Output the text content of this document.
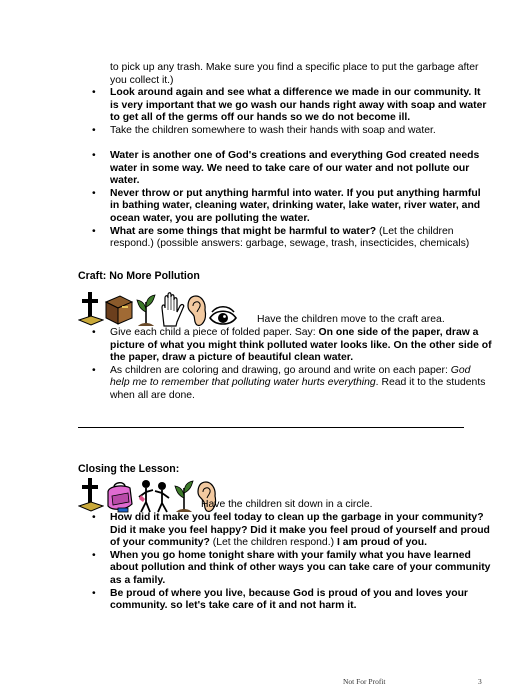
to pick up any trash. Make sure you find a specific place to put the garbage after you collect it.)
• Look around again and see what a difference we made in our community. It is very important that we go wash our hands right away with soap and water to get all of the germs off our hands so we do not become ill.
• Take the children somewhere to wash their hands with soap and water.
• Water is another one of God's creations and everything God created needs water in some way. We need to take care of our water and not pollute our water.
• Never throw or put anything harmful into water. If you put anything harmful in bathing water, cleaning water, drinking water, lake water, river water, and ocean water, you are polluting the water.
• What are some things that might be harmful to water? (Let the children respond.) (possible answers: garbage, sewage, trash, insecticides, chemicals)
Craft: No More Pollution
Have the children move to the craft area.
• Give each child a piece of folded paper. Say: On one side of the paper, draw a picture of what you might think polluted water looks like. On the other side of the paper, draw a picture of beautiful clean water.
• As children are coloring and drawing, go around and write on each paper: God help me to remember that polluting water hurts everything. Read it to the students when all are done.
Closing the Lesson:
Have the children sit down in a circle.
• How did it make you feel today to clean up the garbage in your community? Did it make you feel happy? Did it make you feel proud of yourself and proud of your community? (Let the children respond.) I am proud of you.
• When you go home tonight share with your family what you have learned about pollution and think of other ways you can take care of your community as a family.
• Be proud of where you live, because God is proud of you and loves your community. so let's take care of it and not harm it.
Not For Profit	3
